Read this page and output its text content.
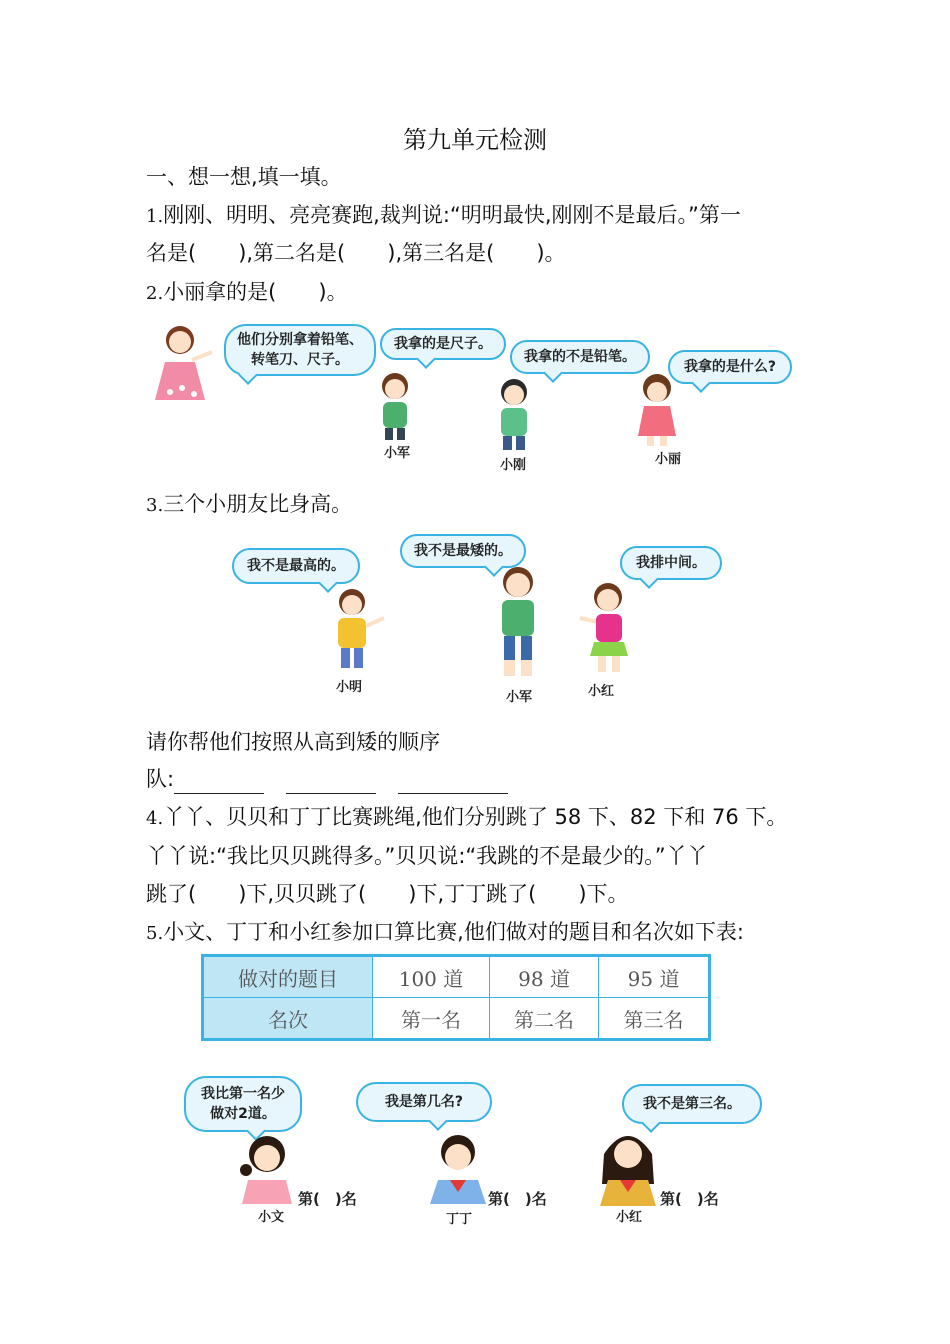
第九单元检测
一、想一想,填一填。
1.刚刚、明明、亮亮赛跑,裁判说:“明明最快,刚刚不是最后。”第一
名是(　　),第二名是(　　),第三名是(　　)。
2.小丽拿的是(　　)。
他们分别拿着铅笔、转笔刀、尺子。
我拿的是尺子。
小军
我拿的不是铅笔。
小刚
我拿的是什么?
小丽
3.三个小朋友比身高。
我不是最高的。
小明
我不是最矮的。
小军
我排中间。
小红
请你帮他们按照从高到矮的顺序
队:
4.丫丫、贝贝和丁丁比赛跳绳,他们分别跳了 58 下、82 下和 76 下。
丫丫说:“我比贝贝跳得多。”贝贝说:“我跳的不是最少的。”丫丫
跳了(　　)下,贝贝跳了(　　)下,丁丁跳了(　　)下。
5.小文、丁丁和小红参加口算比赛,他们做对的题目和名次如下表:
做对的题目	100 道	98 道	95 道
名次	第一名	第二名	第三名
我比第一名少做对2道。
小文
第(　)名
我是第几名?
丁丁
第(　)名
我不是第三名。
小红
第(　)名
